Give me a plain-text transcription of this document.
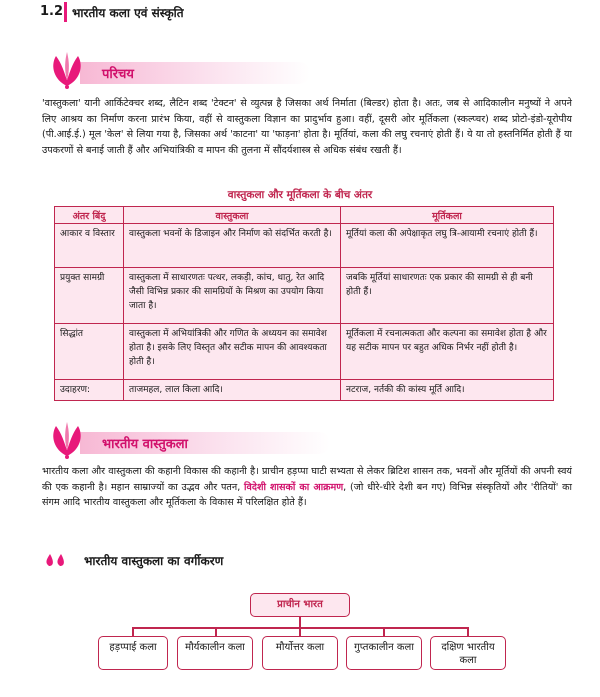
1.2 भारतीय कला एवं संस्कृति
परिचय
'वास्तुकला' यानी आर्किटेक्चर शब्द, लैटिन शब्द 'टेक्टन' से व्युत्पन्न है जिसका अर्थ निर्माता (बिल्डर) होता है। अतः, जब से आदिकालीन मनुष्यों ने अपने लिए आश्रय का निर्माण करना प्रारंभ किया, वहीं से वास्तुकला विज्ञान का प्रादुर्भाव हुआ। वहीं, दूसरी ओर मूर्तिकला (स्कल्प्चर) शब्द प्रोटो-इंडो-यूरोपीय (पी.आई.ई.) मूल 'केल' से लिया गया है, जिसका अर्थ 'काटना' या 'फाड़ना' होता है। मूर्तियां, कला की लघु रचनाएं होती हैं। ये या तो हस्तनिर्मित होती हैं या उपकरणों से बनाई जाती हैं और अभियांत्रिकी व मापन की तुलना में सौंदर्यशास्त्र से अधिक संबंध रखती हैं।
वास्तुकला और मूर्तिकला के बीच अंतर
अंतर बिंदु	वास्तुकला	मूर्तिकला
आकार व विस्तार	वास्तुकला भवनों के डिजाइन और निर्माण को संदर्भित करती है।	मूर्तियां कला की अपेक्षाकृत लघु त्रि-आयामी रचनाएं होती हैं।
प्रयुक्त सामग्री	वास्तुकला में साधारणतः पत्थर, लकड़ी, कांच, धातु, रेत आदि जैसी विभिन्न प्रकार की सामग्रियों के मिश्रण का उपयोग किया जाता है।	जबकि मूर्तियां साधारणतः एक प्रकार की सामग्री से ही बनी होती हैं।
सिद्धांत	वास्तुकला में अभियांत्रिकी और गणित के अध्ययन का समावेश होता है। इसके लिए विस्तृत और सटीक मापन की आवश्यकता होती है।	मूर्तिकला में रचनात्मकता और कल्पना का समावेश होता है और यह सटीक मापन पर बहुत अधिक निर्भर नहीं होती है।
उदाहरण:	ताजमहल, लाल किला आदि।	नटराज, नर्तकी की कांस्य मूर्ति आदि।
भारतीय वास्तुकला
भारतीय कला और वास्तुकला की कहानी विकास की कहानी है। प्राचीन हड़प्पा घाटी सभ्यता से लेकर ब्रिटिश शासन तक, भवनों और मूर्तियों की अपनी स्वयं की एक कहानी है। महान साम्राज्यों का उद्भव और पतन, विदेशी शासकों का आक्रमण, (जो धीरे-धीरे देशी बन गए) विभिन्न संस्कृतियों और 'रीतियों' का संगम आदि भारतीय वास्तुकला और मूर्तिकला के विकास में परिलक्षित होते हैं।
भारतीय वास्तुकला का वर्गीकरण
प्राचीन भारत
हड़प्पाई कला	मौर्यकालीन कला	मौर्योत्तर कला	गुप्तकालीन कला	दक्षिण भारतीय कला
